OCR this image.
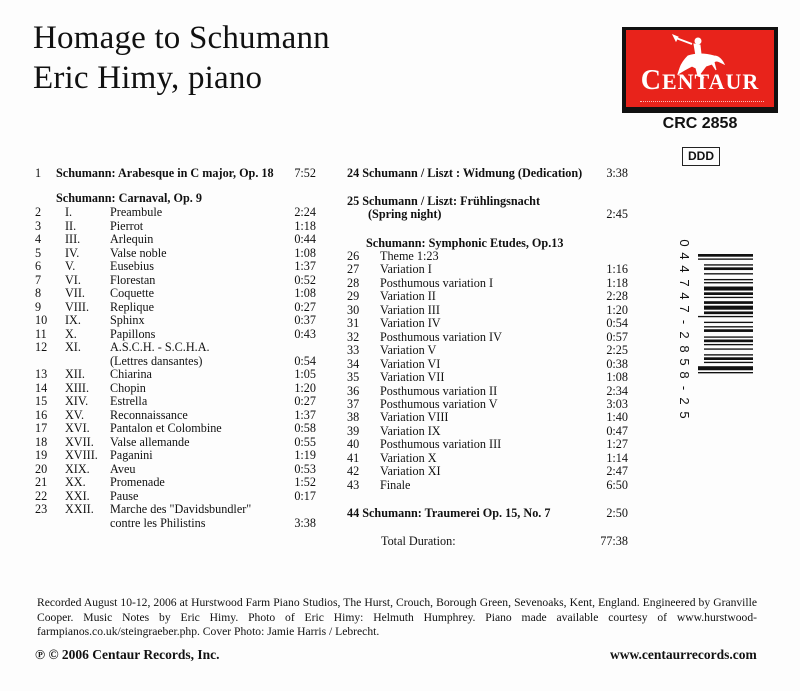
Homage to Schumann
Eric Himy, piano	CENTAUR
CRC 2858
DDD
1 Schumann: Arabesque in C major, Op. 18	7:52
Schumann: Carnaval, Op. 9
2 I.	Preambule	2:24
3 II.	Pierrot	1:18
4 III. Arlequin	0:44
5 IV.	Valse noble	1:08
6 V.	Eusebius	1:37
7 VI. Florestan	0:52
8 VII. Coquette	1:08
9 VIII. Replique	0:27
10 IX. Sphinx	0:37
11 X.	Papillons	0:43
12 XI. A.S.C.H. - S.C.H.A.
(Lettres dansantes)	0:54
13 XII. Chiarina	1:05
14 XIII. Chopin	1:20
15 XIV. Estrella	0:27
16 XV. Reconnaissance	1:37
17 XVI. Pantalon et Colombine	0:58
18 XVII. Valse allemande	0:55
19 XVIII. Paganini	1:19
20 XIX. Aveu	0:53
21 XX. Promenade	1:52
22 XXI. Pause	0:17
23 XXII. Marche des "Davidsbundler"
contre les Philistins	3:38
24 Schumann / Liszt : Widmung (Dedication)	3:38
25 Schumann / Liszt: Frühlingsnacht
(Spring night)	2:45
Schumann: Symphonic Etudes, Op.13
44 Schumann: Traumerei Op. 15, No. 7	2:50
Total Duration:	77:38
26 Theme 1:23
27 Variation I	1:16
28 Posthumous variation I	1:18
29 Variation II	2:28
30 Variation III	1:20
31 Variation IV	0:54
32 Posthumous variation IV	0:57
33 Variation V	2:25
34 Variation VI	0:38
35 Variation VII	1:08
36 Posthumous variation II	2:34
37 Posthumous variation V	3:03
38 Variation VIII	1:40
39 Variation IX	0:47
40 Posthumous variation III	1:27
41 Variation X	1:14
42 Variation XI	2:47
43 Finale	6:50
0
4
4
7
4
7
-
2
8
5
8
-
2
5
Recorded August 10-12, 2006 at Hurstwood Farm Piano Studios, The Hurst, Crouch, Borough Green, Sevenoaks, Kent, England. Engineered by Granville Cooper. Music Notes by Eric Himy. Photo of Eric Himy: Helmuth Humphrey. Piano made available courtesy of www.hurstwood-farmpianos.co.uk/steingraeber.php. Cover Photo: Jamie Harris / Lebrecht.
℗ © 2006 Centaur Records, Inc.	www.centaurrecords.com
